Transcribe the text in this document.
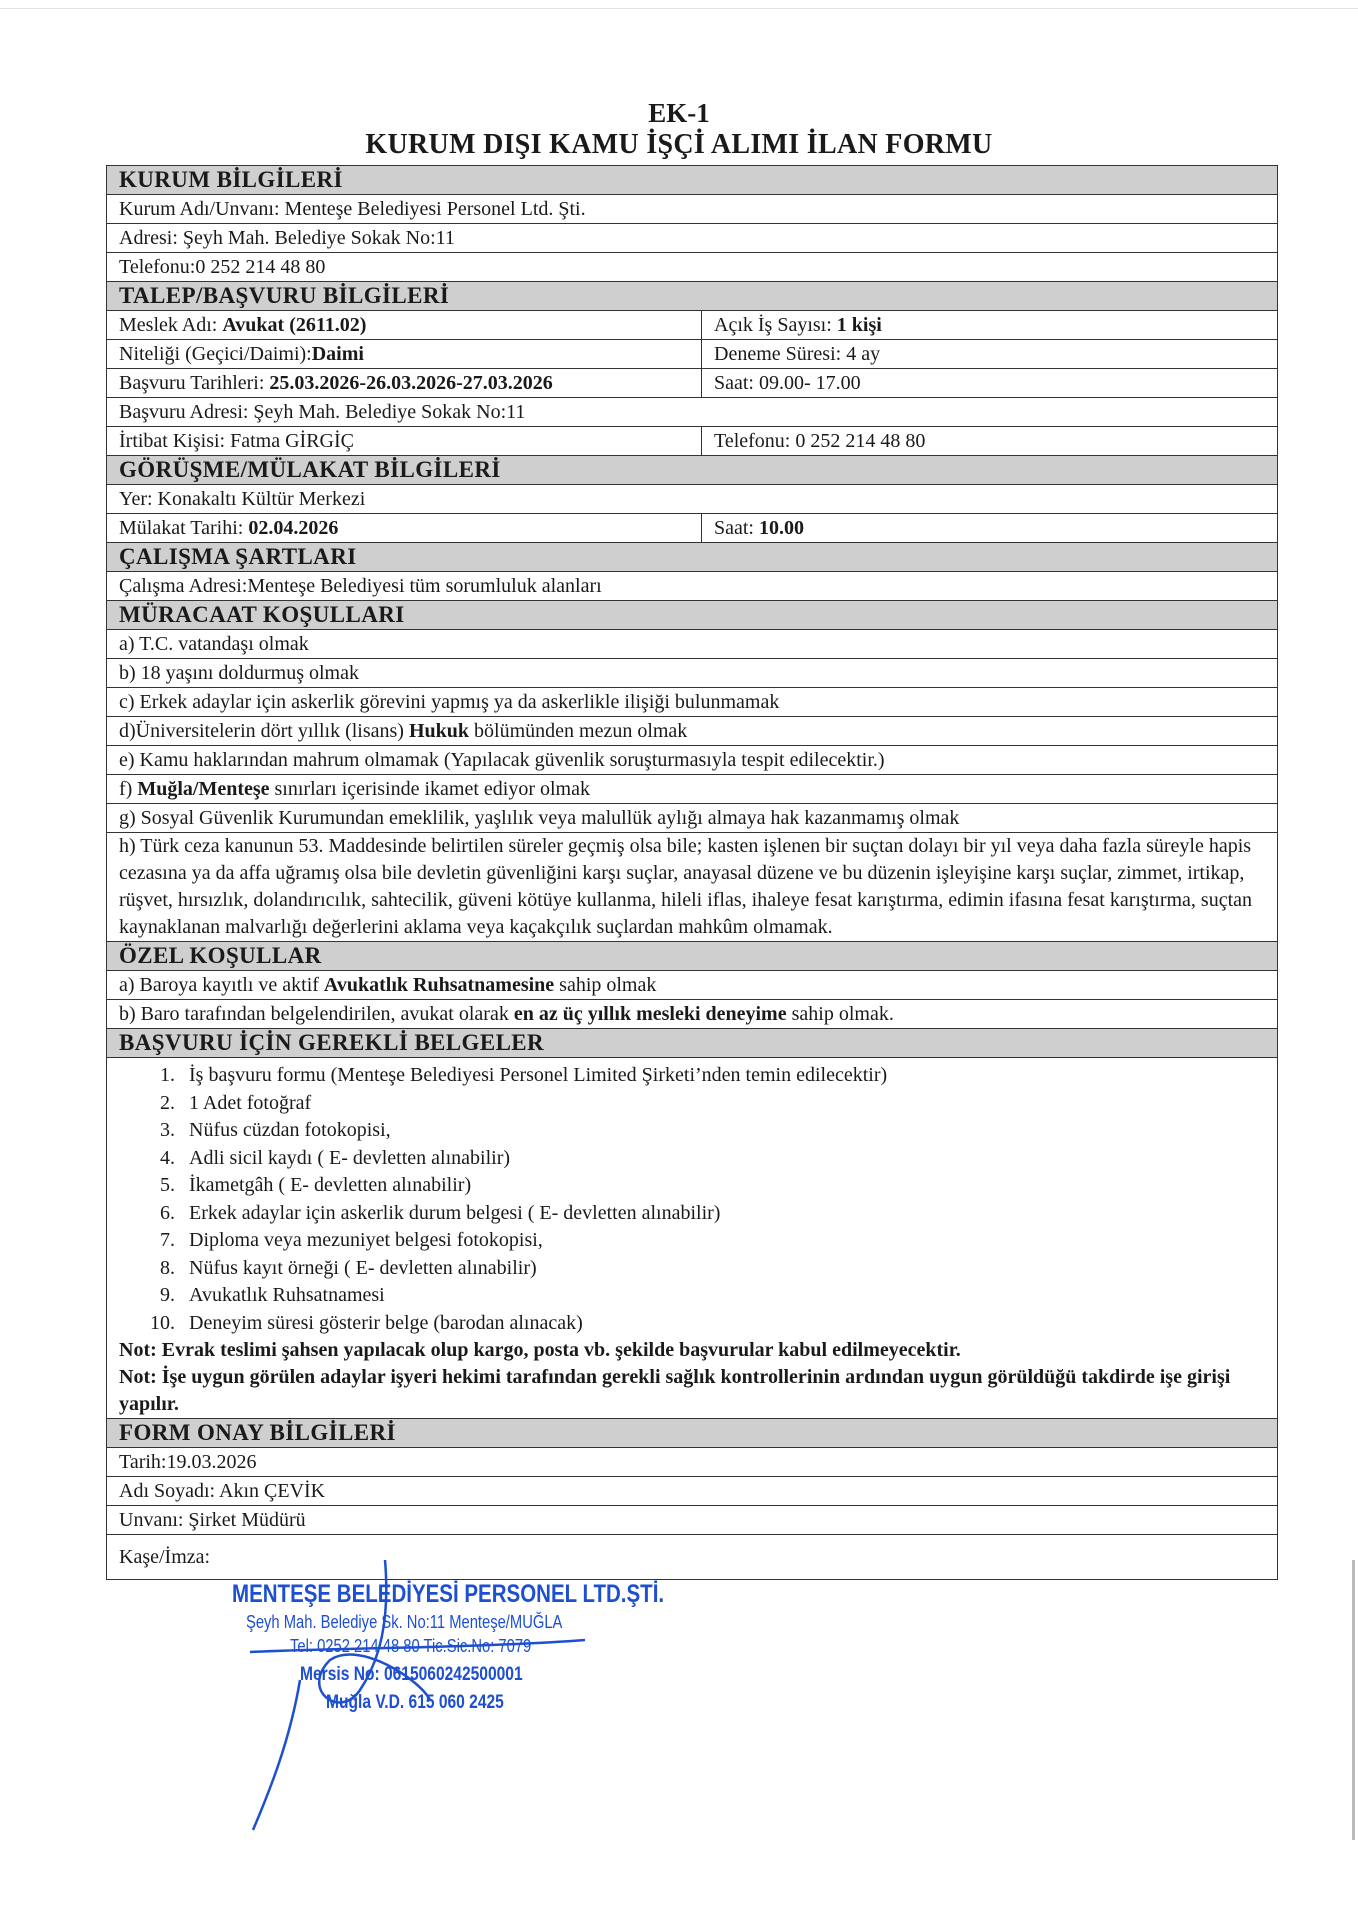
EK-1
KURUM DIŞI KAMU İŞÇİ ALIMI İLAN FORMU
KURUM BİLGİLERİ
Kurum Adı/Unvanı: Menteşe Belediyesi Personel Ltd. Şti.
Adresi: Şeyh Mah. Belediye Sokak No:11
Telefonu:0 252 214 48 80
TALEP/BAŞVURU BİLGİLERİ
Meslek Adı: Avukat (2611.02)	Açık İş Sayısı: 1 kişi
Niteliği (Geçici/Daimi):Daimi	Deneme Süresi: 4 ay
Başvuru Tarihleri: 25.03.2026-26.03.2026-27.03.2026	Saat: 09.00- 17.00
Başvuru Adresi: Şeyh Mah. Belediye Sokak No:11
İrtibat Kişisi: Fatma GİRGİÇ	Telefonu: 0 252 214 48 80
GÖRÜŞME/MÜLAKAT BİLGİLERİ
Yer: Konakaltı Kültür Merkezi
Mülakat Tarihi: 02.04.2026	Saat: 10.00
ÇALIŞMA ŞARTLARI
Çalışma Adresi:Menteşe Belediyesi tüm sorumluluk alanları
MÜRACAAT KOŞULLARI
a) T.C. vatandaşı olmak
b) 18 yaşını doldurmuş olmak
c) Erkek adaylar için askerlik görevini yapmış ya da askerlikle ilişiği bulunmamak
d)Üniversitelerin dört yıllık (lisans) Hukuk bölümünden mezun olmak
e) Kamu haklarından mahrum olmamak (Yapılacak güvenlik soruşturmasıyla tespit edilecektir.)
f) Muğla/Menteşe sınırları içerisinde ikamet ediyor olmak
g) Sosyal Güvenlik Kurumundan emeklilik, yaşlılık veya malullük aylığı almaya hak kazanmamış olmak
h) Türk ceza kanunun 53. Maddesinde belirtilen süreler geçmiş olsa bile; kasten işlenen bir suçtan dolayı bir yıl veya daha fazla süreyle hapis cezasına ya da affa uğramış olsa bile devletin güvenliğini karşı suçlar, anayasal düzene ve bu düzenin işleyişine karşı suçlar, zimmet, irtikap, rüşvet, hırsızlık, dolandırıcılık, sahtecilik, güveni kötüye kullanma, hileli iflas, ihaleye fesat karıştırma, edimin ifasına fesat karıştırma, suçtan kaynaklanan malvarlığı değerlerini aklama veya kaçakçılık suçlardan mahkûm olmamak.
ÖZEL KOŞULLAR
a) Baroya kayıtlı ve aktif Avukatlık Ruhsatnamesine sahip olmak
b) Baro tarafından belgelendirilen, avukat olarak en az üç yıllık mesleki deneyime sahip olmak.
BAŞVURU İÇİN GEREKLİ BELGELER
1. İş başvuru formu (Menteşe Belediyesi Personel Limited Şirketi’nden temin edilecektir)
2. 1 Adet fotoğraf
3. Nüfus cüzdan fotokopisi,
4. Adli sicil kaydı ( E- devletten alınabilir)
5. İkametgâh ( E- devletten alınabilir)
6. Erkek adaylar için askerlik durum belgesi ( E- devletten alınabilir)
7. Diploma veya mezuniyet belgesi fotokopisi,
8. Nüfus kayıt örneği ( E- devletten alınabilir)
9. Avukatlık Ruhsatnamesi
10. Deneyim süresi gösterir belge (barodan alınacak)
Not: Evrak teslimi şahsen yapılacak olup kargo, posta vb. şekilde başvurular kabul edilmeyecektir.
Not: İşe uygun görülen adaylar işyeri hekimi tarafından gerekli sağlık kontrollerinin ardından uygun görüldüğü takdirde işe girişi yapılır.
FORM ONAY BİLGİLERİ
Tarih:19.03.2026
Adı Soyadı: Akın ÇEVİK
Unvanı: Şirket Müdürü
Kaşe/İmza:
MENTEŞE BELEDİYESİ PERSONEL LTD.ŞTİ.
Şeyh Mah. Belediye Sk. No:11 Menteşe/MUĞLA
Tel: 0252 214 48 80 Tic.Sic.No: 7079
Mersis No: 0615060242500001
Muğla V.D. 615 060 2425
